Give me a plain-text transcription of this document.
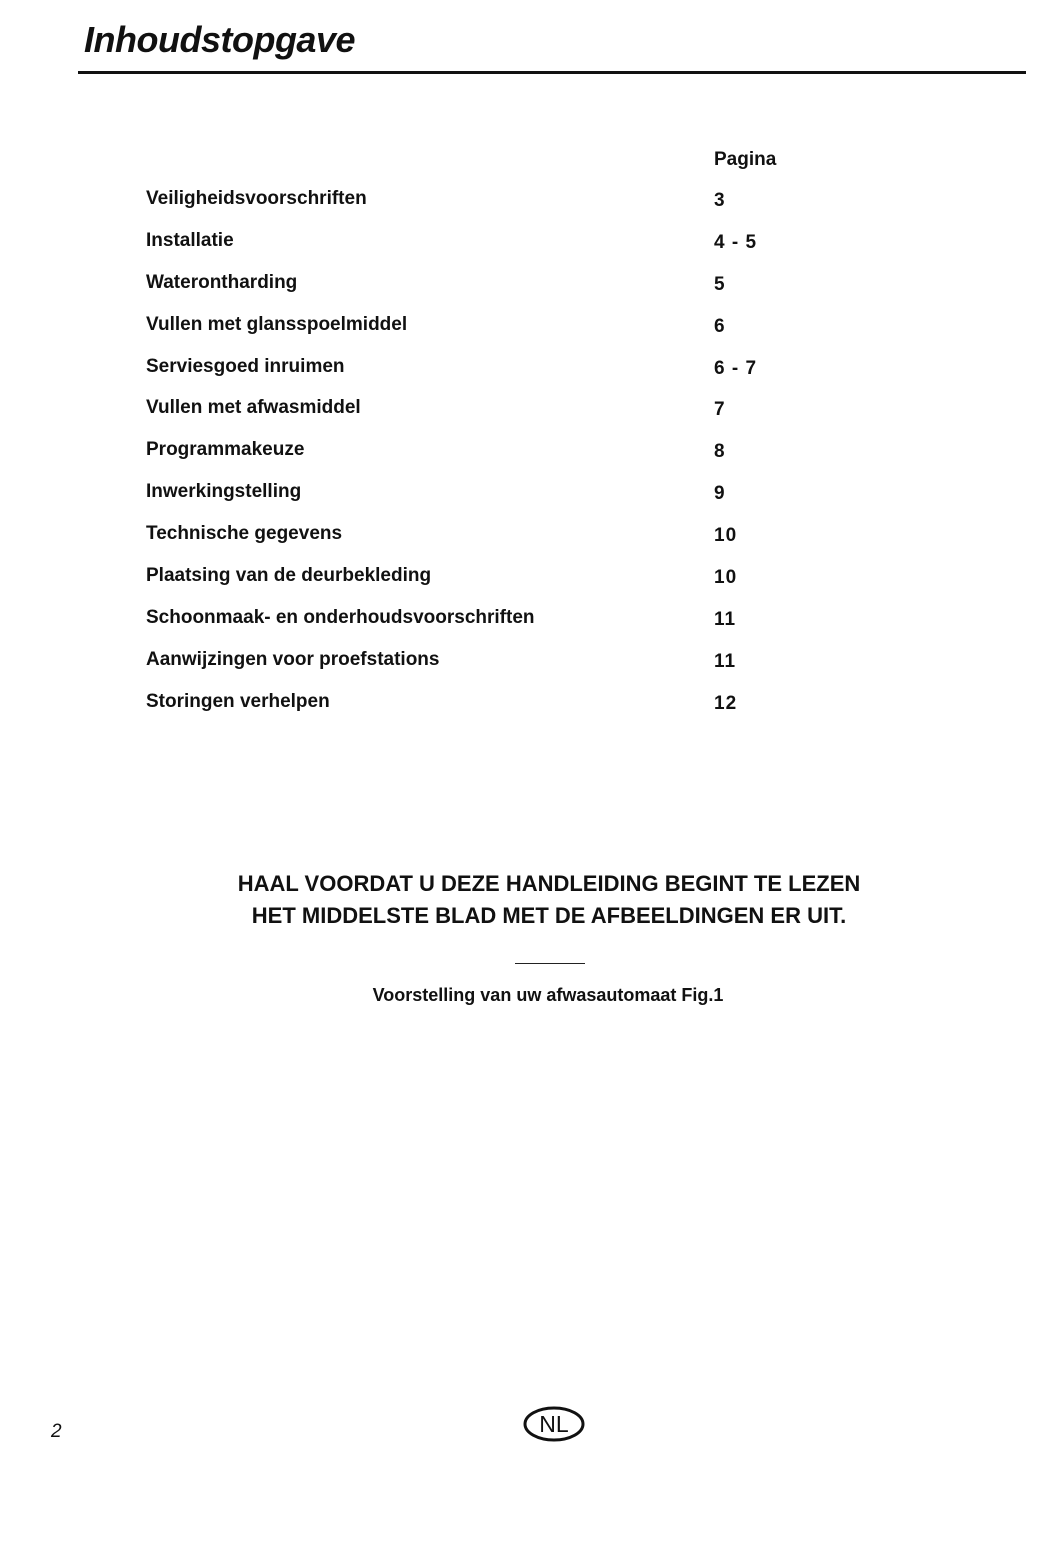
Inhoudstopgave
Pagina
Veiligheidsvoorschriften	3
Installatie	4 - 5
Waterontharding	5
Vullen met glansspoelmiddel	6
Serviesgoed inruimen	6 - 7
Vullen met afwasmiddel	7
Programmakeuze	8
Inwerkingstelling	9
Technische gegevens	10
Plaatsing van de deurbekleding	10
Schoonmaak- en onderhoudsvoorschriften	11
Aanwijzingen voor proefstations	11
Storingen verhelpen	12
HAAL VOORDAT U DEZE HANDLEIDING BEGINT TE LEZEN
HET MIDDELSTE BLAD MET DE AFBEELDINGEN ER UIT.
Voorstelling van uw afwasautomaat Fig.1
2	NL
